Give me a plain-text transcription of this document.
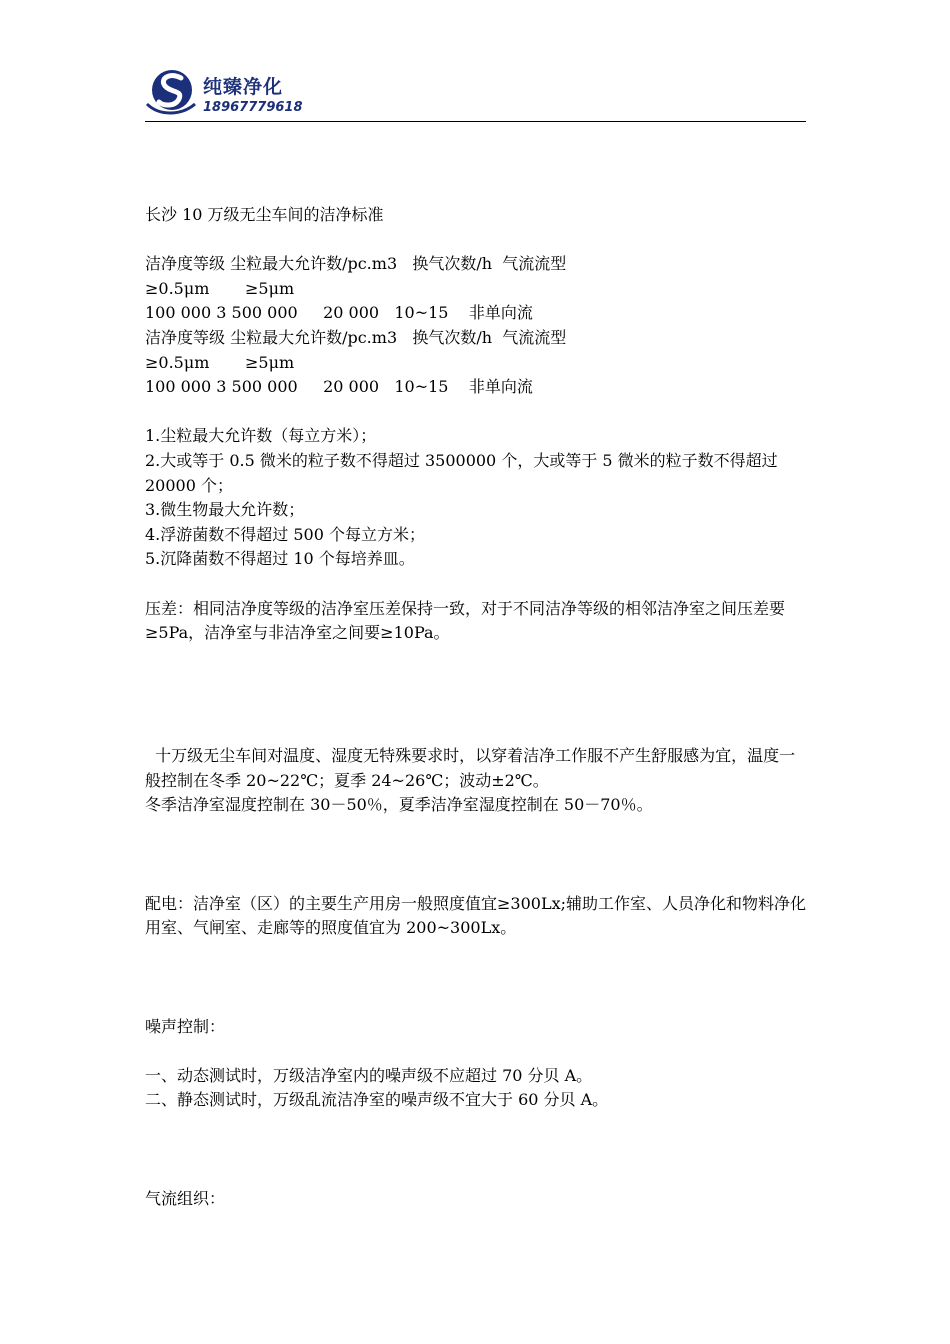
纯臻净化
18967779618
长沙 10 万级无尘车间的洁净标准
洁净度等级 尘粒最大允许数/pc.m3   换气次数/h  气流流型
≥0.5μm       ≥5μm
100 000 3 500 000     20 000   10~15    非单向流
洁净度等级 尘粒最大允许数/pc.m3   换气次数/h  气流流型
≥0.5μm       ≥5μm
100 000 3 500 000     20 000   10~15    非单向流
1.尘粒最大允许数（每立方米）；
2.大或等于 0.5 微米的粒子数不得超过 3500000 个，大或等于 5 微米的粒子数不得超过 20000 个；
3.微生物最大允许数；
4.浮游菌数不得超过 500 个每立方米；
5.沉降菌数不得超过 10 个每培养皿。
压差：相同洁净度等级的洁净室压差保持一致，对于不同洁净等级的相邻洁净室之间压差要≥5Pa，洁净室与非洁净室之间要≥10Pa。
十万级无尘车间对温度、湿度无特殊要求时，以穿着洁净工作服不产生舒服感为宜，温度一般控制在冬季 20~22℃；夏季 24~26℃；波动±2℃。
冬季洁净室湿度控制在 30－50％，夏季洁净室湿度控制在 50－70％。
配电：洁净室（区）的主要生产用房一般照度值宜≥300Lx;辅助工作室、人员净化和物料净化用室、气闸室、走廊等的照度值宜为 200~300Lx。
噪声控制：
一、动态测试时，万级洁净室内的噪声级不应超过 70 分贝 A。
二、静态测试时，万级乱流洁净室的噪声级不宜大于 60 分贝 A。
气流组织：
